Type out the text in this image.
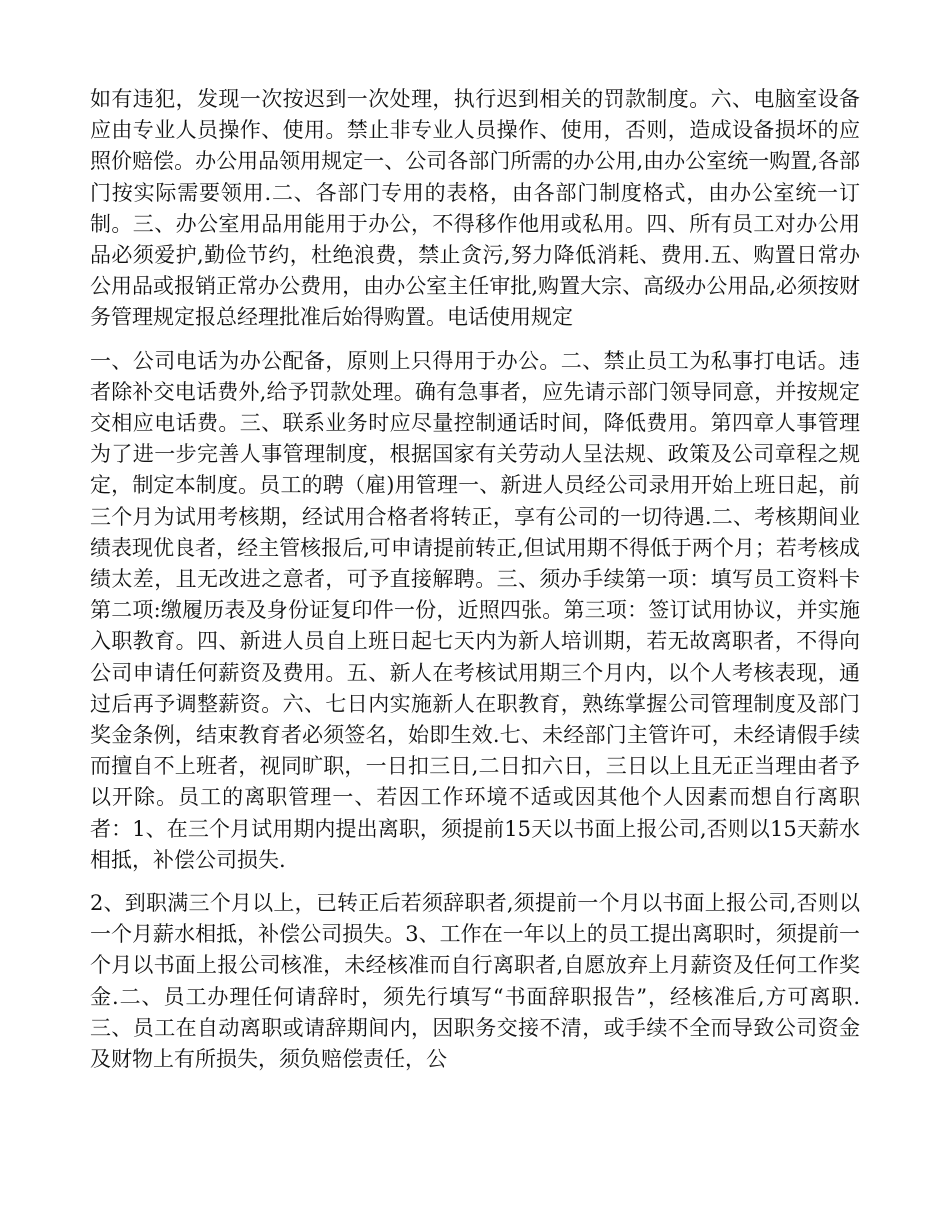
如有违犯，发现一次按迟到一次处理，执行迟到相关的罚款制度。六、电脑室设备应由专业人员操作、使用。禁止非专业人员操作、使用，否则，造成设备损坏的应照价赔偿。办公用品领用规定一、公司各部门所需的办公用,由办公室统一购置,各部门按实际需要领用.二、各部门专用的表格，由各部门制度格式，由办公室统一订制。三、办公室用品用能用于办公，不得移作他用或私用。四、所有员工对办公用品必须爱护,勤俭节约，杜绝浪费，禁止贪污,努力降低消耗、费用.五、购置日常办公用品或报销正常办公费用，由办公室主任审批,购置大宗、高级办公用品,必须按财务管理规定报总经理批准后始得购置。电话使用规定

一、公司电话为办公配备，原则上只得用于办公。二、禁止员工为私事打电话。违者除补交电话费外,给予罚款处理。确有急事者，应先请示部门领导同意，并按规定交相应电话费。三、联系业务时应尽量控制通话时间，降低费用。第四章人事管理为了进一步完善人事管理制度，根据国家有关劳动人呈法规、政策及公司章程之规定，制定本制度。员工的聘（雇)用管理一、新进人员经公司录用开始上班日起，前三个月为试用考核期，经试用合格者将转正，享有公司的一切待遇.二、考核期间业绩表现优良者，经主管核报后,可申请提前转正,但试用期不得低于两个月；若考核成绩太差，且无改进之意者，可予直接解聘。三、须办手续第一项：填写员工资料卡第二项:缴履历表及身份证复印件一份，近照四张。第三项：签订试用协议，并实施入职教育。四、新进人员自上班日起七天内为新人培训期，若无故离职者，不得向公司申请任何薪资及费用。五、新人在考核试用期三个月内，以个人考核表现，通过后再予调整薪资。六、七日内实施新人在职教育，熟练掌握公司管理制度及部门奖金条例，结束教育者必须签名，始即生效.七、未经部门主管许可，未经请假手续而擅自不上班者，视同旷职，一日扣三日,二日扣六日，三日以上且无正当理由者予以开除。员工的离职管理一、若因工作环境不适或因其他个人因素而想自行离职者：1、在三个月试用期内提出离职，须提前15天以书面上报公司,否则以15天薪水相抵，补偿公司损失.

2、到职满三个月以上，已转正后若须辞职者,须提前一个月以书面上报公司,否则以一个月薪水相抵，补偿公司损失。3、工作在一年以上的员工提出离职时，须提前一个月以书面上报公司核准，未经核准而自行离职者,自愿放弃上月薪资及任何工作奖金.二、员工办理任何请辞时，须先行填写“书面辞职报告”，经核准后,方可离职.三、员工在自动离职或请辞期间内，因职务交接不清，或手续不全而导致公司资金及财物上有所损失，须负赔偿责任，公
